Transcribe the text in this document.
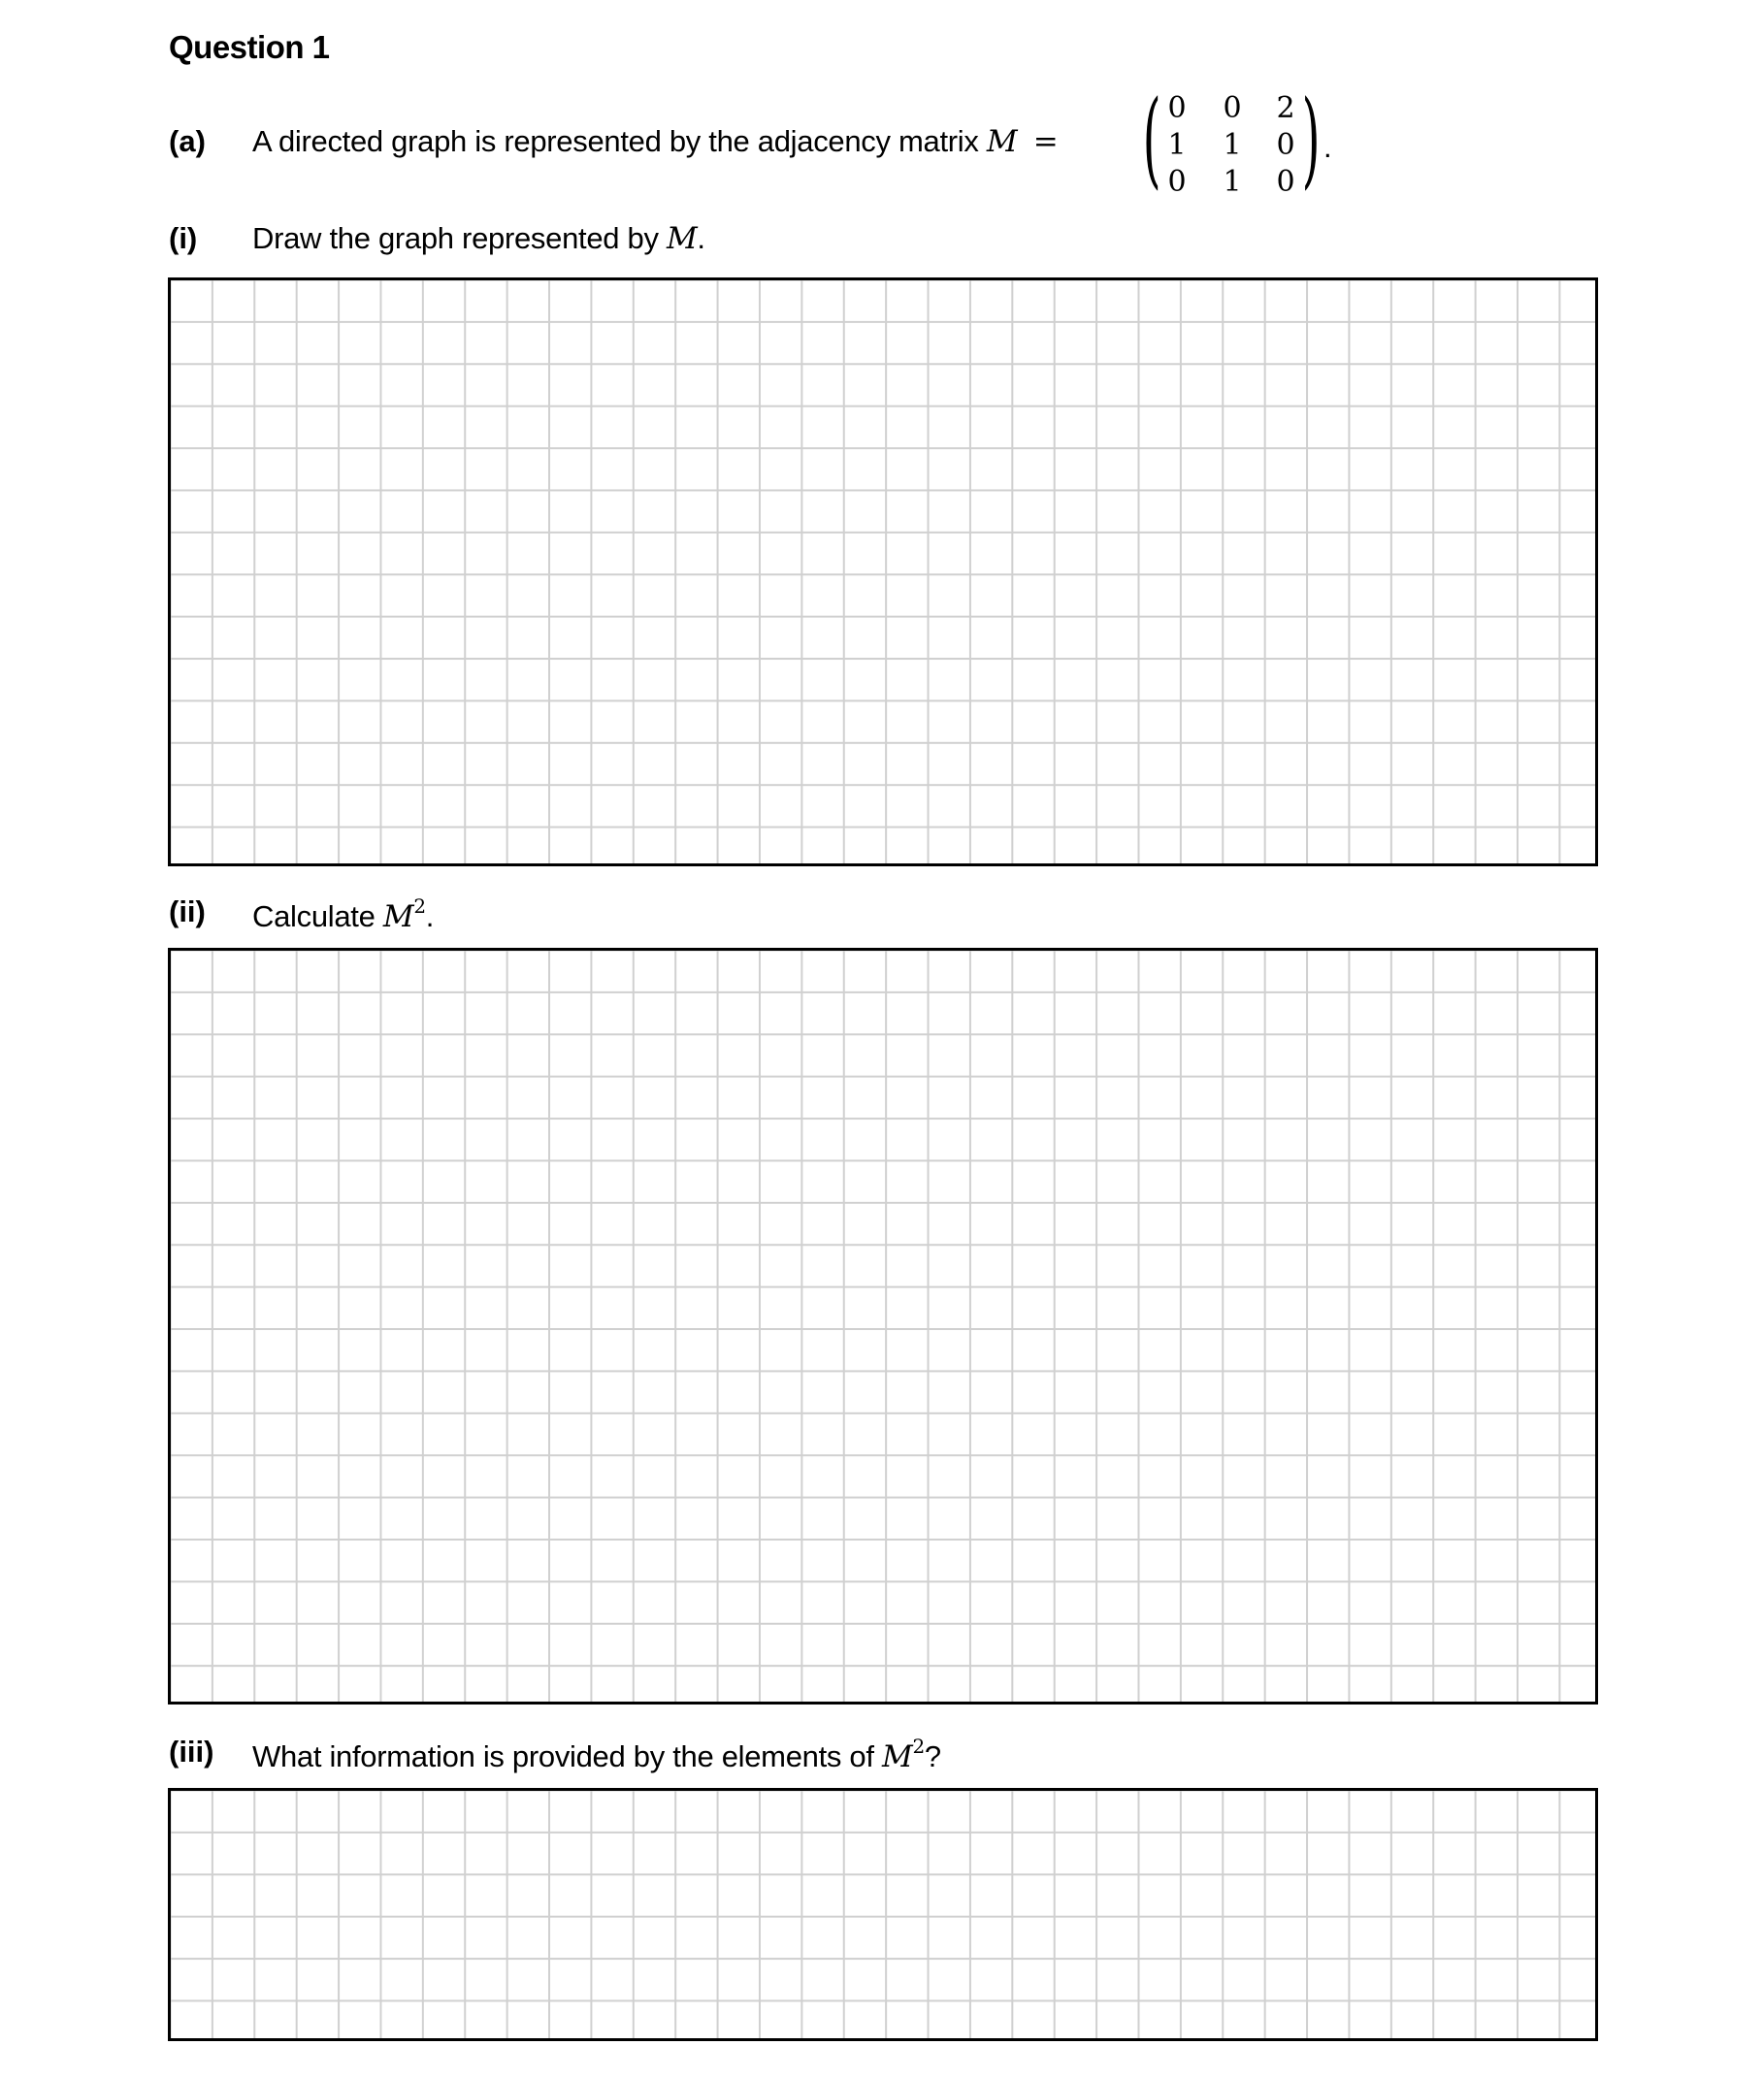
Question 1
(a) A directed graph is represented by the adjacency matrix M = ( 0 0 2
1 1 0
0 1 0 ) .
(i) Draw the graph represented by M.
(ii) Calculate $M^2$.
(iii) What information is provided by the elements of $M^2$?
